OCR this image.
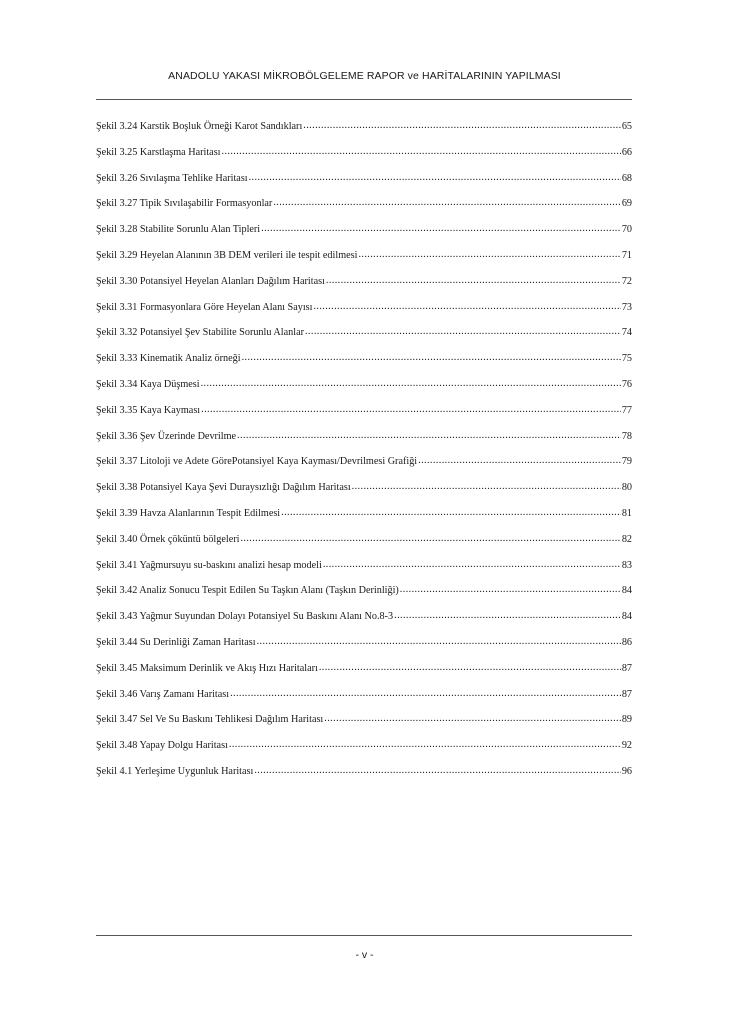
ANADOLU YAKASI MİKROBÖLGELEME RAPOR ve HARİTALARININ YAPILMASI
Şekil 3.24 Karstik Boşluk Örneği Karot Sandıkları .....	65
Şekil 3.25 Karstlaşma Haritası .....	66
Şekil 3.26 Sıvılaşma Tehlike Haritası .....	68
Şekil 3.27 Tipik Sıvılaşabilir Formasyonlar .....	69
Şekil 3.28 Stabilite Sorunlu Alan Tipleri .....	70
Şekil 3.29 Heyelan Alanının 3B DEM verileri ile tespit edilmesi .....	71
Şekil 3.30 Potansiyel Heyelan Alanları Dağılım Haritası .....	72
Şekil 3.31 Formasyonlara Göre Heyelan Alanı Sayısı .....	73
Şekil 3.32 Potansiyel Şev Stabilite Sorunlu Alanlar .....	74
Şekil 3.33 Kinematik Analiz örneği .....	75
Şekil 3.34 Kaya Düşmesi .....	76
Şekil 3.35 Kaya Kayması .....	77
Şekil 3.36 Şev Üzerinde Devrilme .....	78
Şekil 3.37 Litoloji ve Adete GörePotansiyel Kaya Kayması/Devrilmesi Grafiği .....	79
Şekil 3.38 Potansiyel Kaya Şevi Duraysızlığı Dağılım Haritası .....	80
Şekil 3.39 Havza Alanlarının Tespit Edilmesi .....	81
Şekil 3.40 Örnek çöküntü bölgeleri .....	82
Şekil 3.41 Yağmursuyu su-baskını analizi hesap modeli .....	83
Şekil 3.42 Analiz Sonucu Tespit Edilen Su Taşkın Alanı (Taşkın Derinliği) .....	84
Şekil 3.43 Yağmur Suyundan Dolayı Potansiyel Su Baskını Alanı No.8-3 .....	84
Şekil 3.44 Su Derinliği Zaman Haritası .....	86
Şekil 3.45 Maksimum Derinlik ve Akış Hızı Haritaları .....	87
Şekil 3.46 Varış Zamanı Haritası .....	87
Şekil 3.47 Sel Ve Su Baskını Tehlikesi Dağılım Haritası .....	89
Şekil 3.48 Yapay Dolgu Haritası .....	92
Şekil 4.1 Yerleşime Uygunluk Haritası .....	96
- v -
